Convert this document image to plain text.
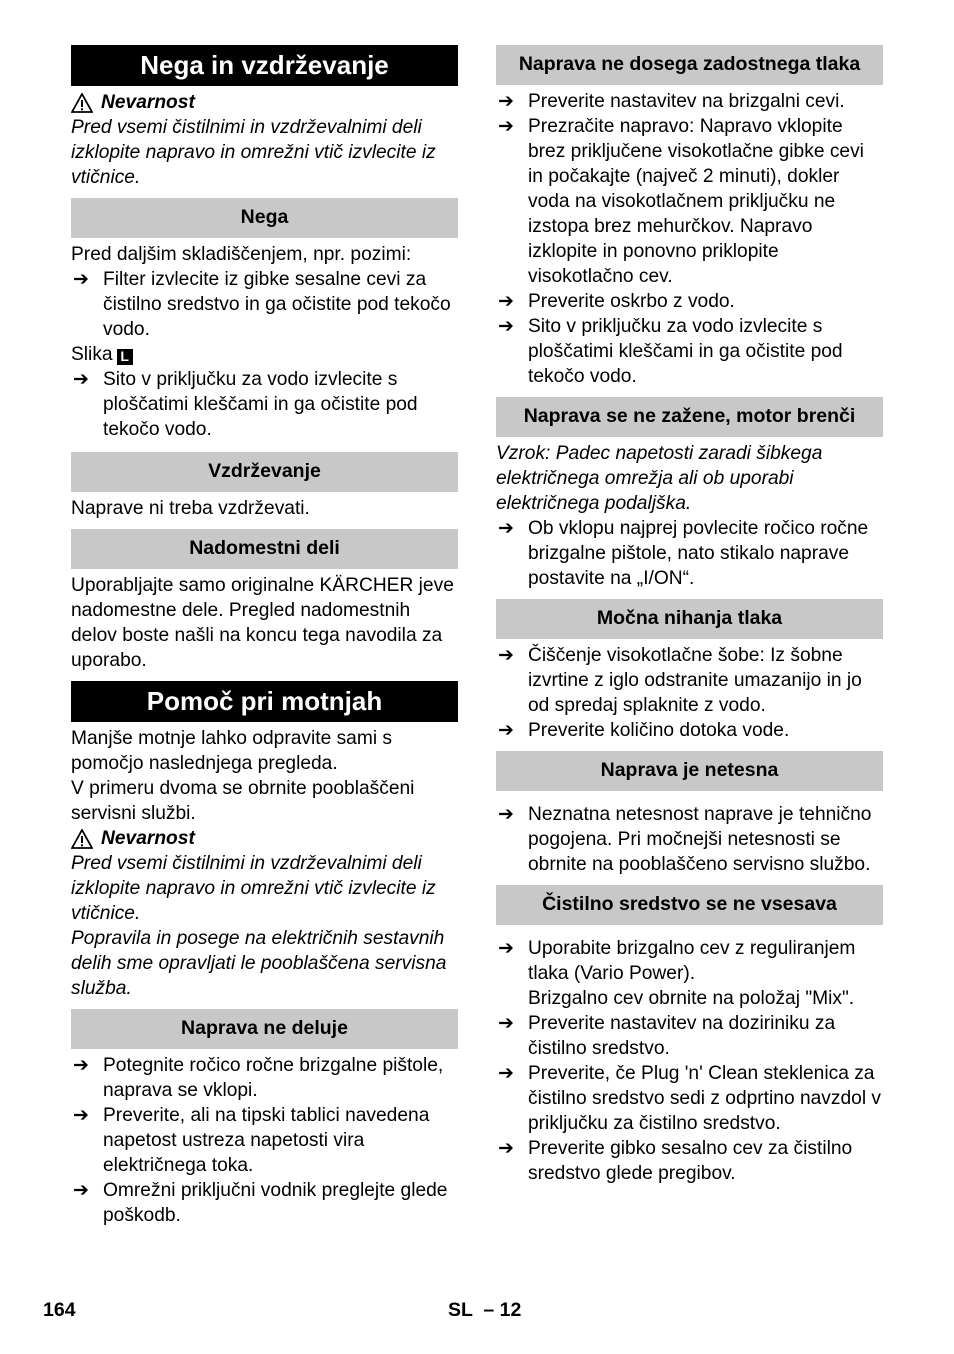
Nega in vzdrževanje
Nevarnost

Pred vsemi čistilnimi in vzdrževalnimi deli izklopite napravo in omrežni vtič izvlecite iz vtičnice.

Nega

Pred daljšim skladiščenjem, npr. pozimi:

➔ Filter izvlecite iz gibke sesalne cevi za čistilno sredstvo in ga očistite pod tekočo vodo.

Slika L

➔ Sito v priključku za vodo izvlecite s ploščatimi kleščami in ga očistite pod tekočo vodo.
Vzdrževanje

Naprave ni treba vzdrževati.

Nadomestni deli

Uporabljajte samo originalne KÄRCHER jeve nadomestne dele. Pregled nadomestnih delov boste našli na koncu tega navodila za uporabo.

Pomoč pri motnjah

Manjše motnje lahko odpravite sami s pomočjo naslednjega pregleda.

V primeru dvoma se obrnite pooblaščeni servisni službi.

Nevarnost

Pred vsemi čistilnimi in vzdrževalnimi deli izklopite napravo in omrežni vtič izvlecite iz vtičnice.

Popravila in posege na električnih sestavnih delih sme opravljati le pooblaščena servisna služba.

Naprava ne deluje
➔ Potegnite ročico ročne brizgalne pištole, naprava se vklopi.
➔ Preverite, ali na tipski tablici navedena napetost ustreza napetosti vira električnega toka.
➔ Omrežni priključni vodnik preglejte glede poškodb.
Naprava ne dosega zadostnega tlaka
➔ Preverite nastavitev na brizgalni cevi.
➔ Prezračite napravo: Napravo vklopite brez priključene visokotlačne gibke cevi in počakajte (največ 2 minuti), dokler voda na visokotlačnem priključku ne izstopa brez mehurčkov. Napravo izklopite in ponovno priklopite visokotlačno cev.
➔ Preverite oskrbo z vodo.
➔ Sito v priključku za vodo izvlecite s ploščatimi kleščami in ga očistite pod tekočo vodo.
Naprava se ne zažene, motor brenči

Vzrok: Padec napetosti zaradi šibkega električnega omrežja ali ob uporabi električnega podaljška.

➔ Ob vklopu najprej povlecite ročico ročne brizgalne pištole, nato stikalo naprave postavite na „I/ON“.
Močna nihanja tlaka
➔ Čiščenje visokotlačne šobe: Iz šobne izvrtine z iglo odstranite umazanijo in jo od spredaj splaknite z vodo.
➔ Preverite količino dotoka vode.
Naprava je netesna
➔ Neznatna netesnost naprave je tehnično pogojena. Pri močnejši netesnosti se obrnite na pooblaščeno servisno službo.
Čistilno sredstvo se ne vsesava
➔ Uporabite brizgalno cev z reguliranjem tlaka (Vario Power).
Brizgalno cev obrnite na položaj "Mix".
➔ Preverite nastavitev na doziriniku za čistilno sredstvo.
➔ Preverite, če Plug 'n' Clean steklenica za čistilno sredstvo sedi z odprtino navzdol v priključku za čistilno sredstvo.
➔ Preverite gibko sesalno cev za čistilno sredstvo glede pregibov.
164	SL  – 12
